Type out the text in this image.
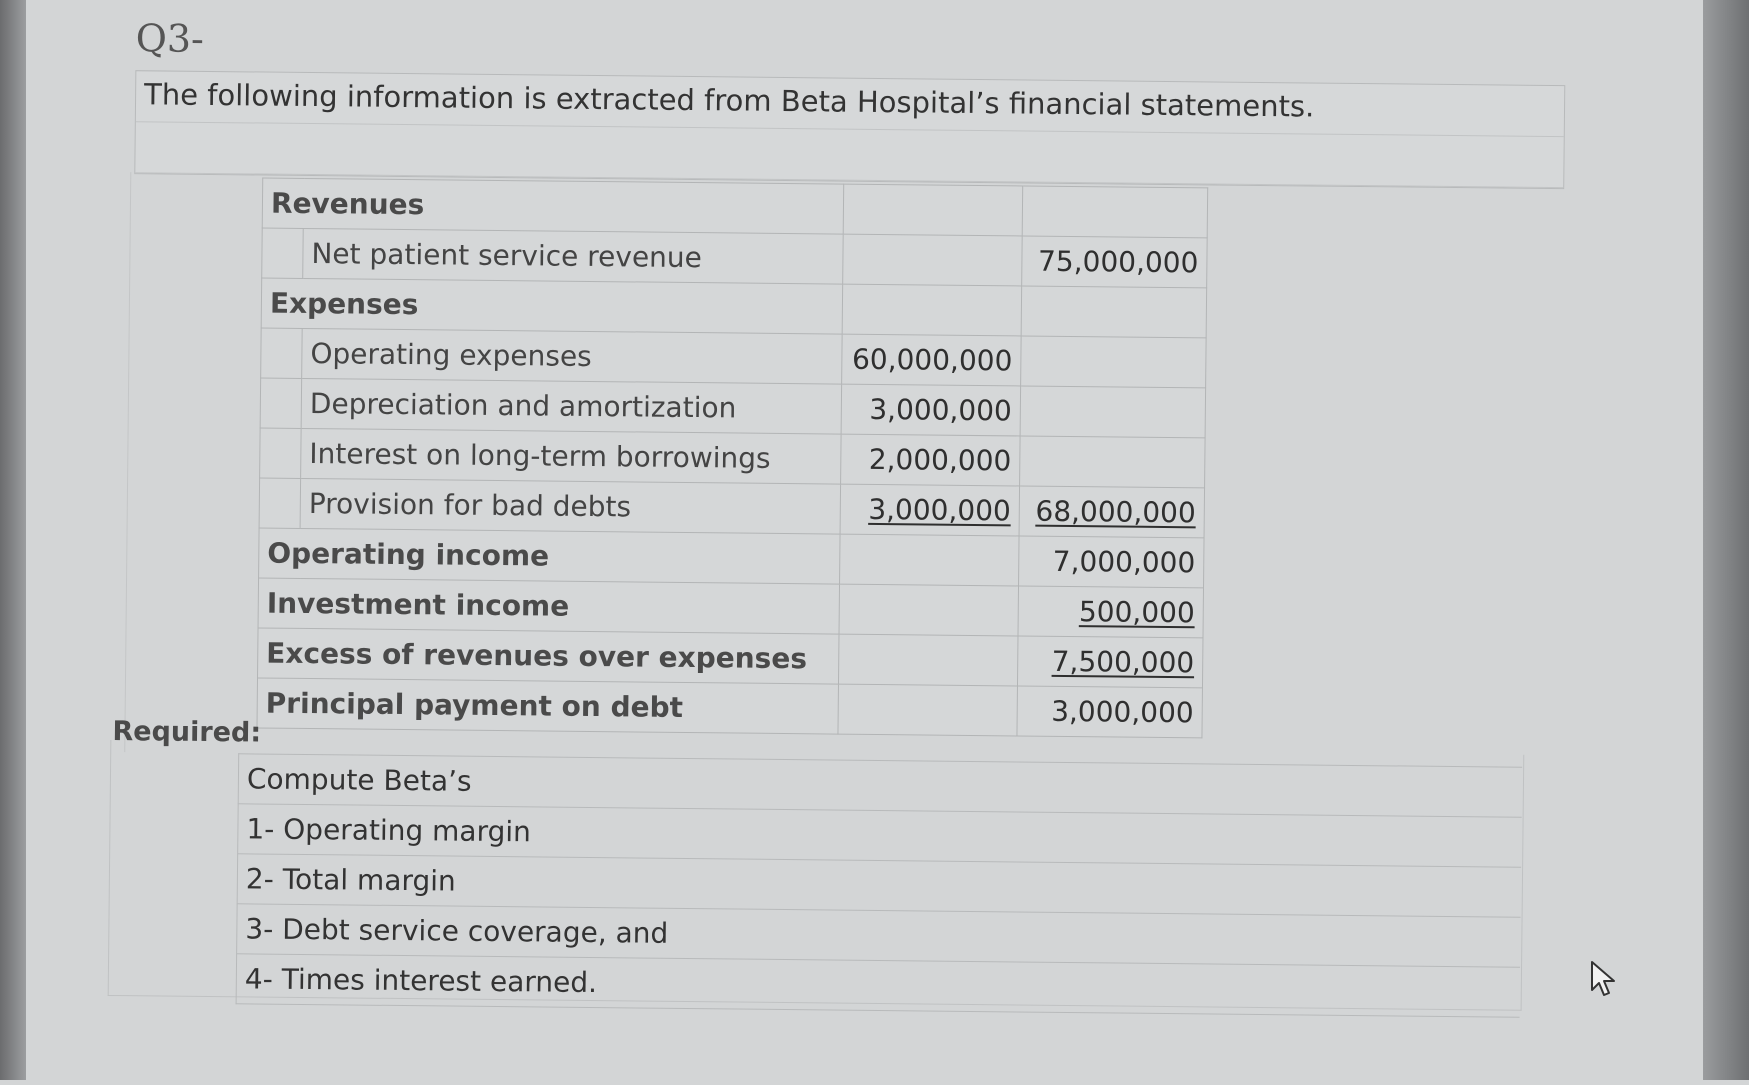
Q3-
The following information is extracted from Beta Hospital’s financial statements.
Revenues			
	Net patient service revenue		75,000,000
Expenses			
	Operating expenses	60,000,000	
	Depreciation and amortization	3,000,000	
	Interest on long-term borrowings	2,000,000	
	Provision for bad debts	3,000,000	68,000,000
Operating income			7,000,000
Investment income			500,000
Excess of revenues over expenses			7,500,000
Principal payment on debt			3,000,000
Required:
Compute Beta’s
1- Operating margin
2- Total margin
3- Debt service coverage, and
4- Times interest earned.
